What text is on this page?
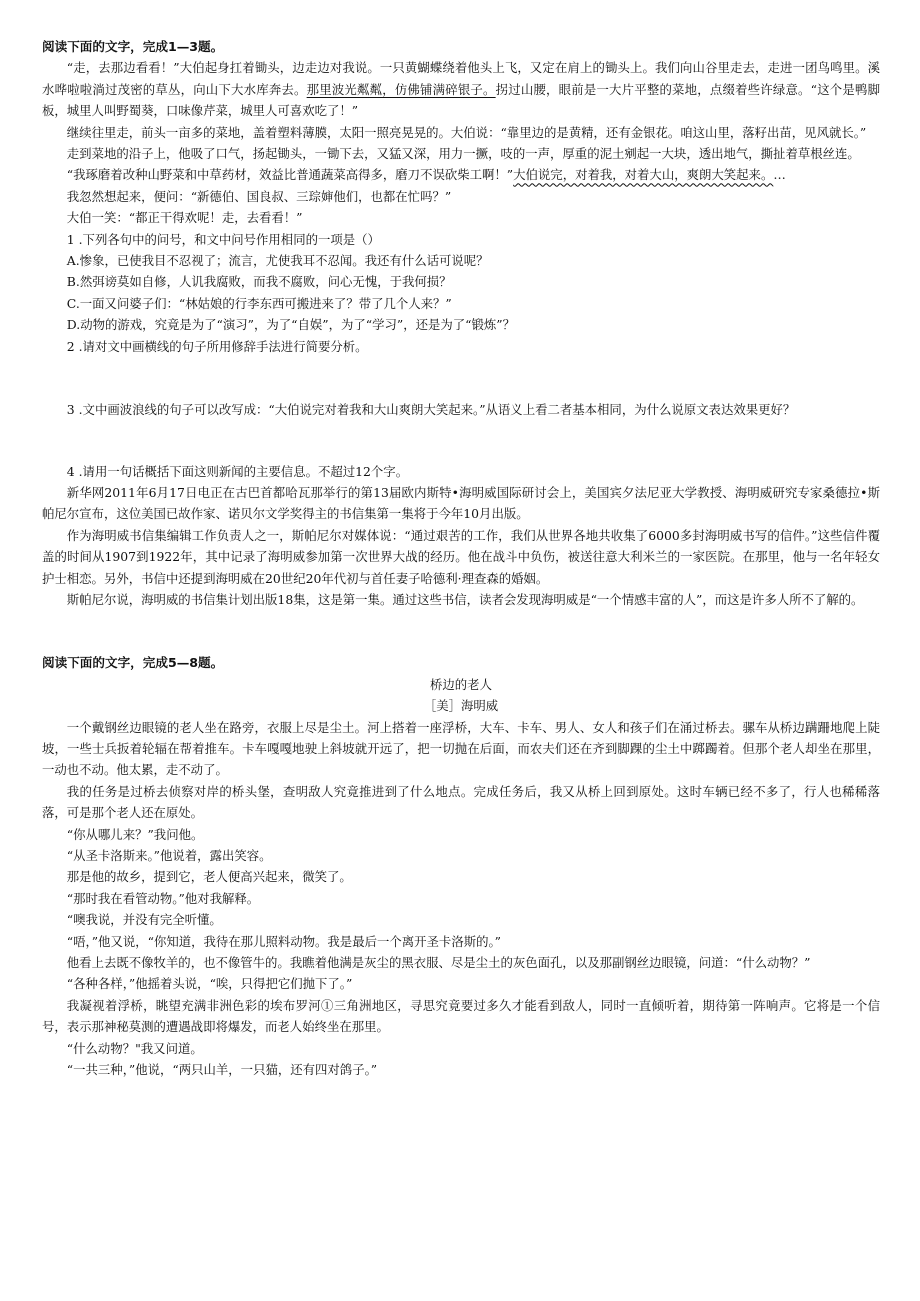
阅读下面的文字，完成1—3题。

“走，去那边看看！”大伯起身扛着锄头，边走边对我说。一只黄蝴蝶绕着他头上飞，又定在肩上的锄头上。我们向山谷里走去，走进一团鸟鸣里。溪水哗啦啦淌过茂密的草丛，向山下大水库奔去。那里波光粼粼，仿佛铺满碎银子。拐过山腰，眼前是一大片平整的菜地，点缀着些许绿意。“这个是鸭脚板，城里人叫野蜀葵，口味像芹菜，城里人可喜欢吃了！”

继续往里走，前头一亩多的菜地，盖着塑料薄膜，太阳一照亮晃晃的。大伯说：“靠里边的是黄精，还有金银花。咱这山里，落籽出苗，见风就长。”

走到菜地的沿子上，他吸了口气，扬起锄头，一锄下去，又猛又深，用力一撅，吱的一声，厚重的泥土剜起一大块，透出地气，撕扯着草根丝连。

“我琢磨着改种山野菜和中草药材，效益比普通蔬菜高得多，磨刀不误砍柴工啊！”大伯说完，对着我，对着大山，爽朗大笑起来。…

我忽然想起来，便问：“新德伯、国良叔、三琮婶他们，也都在忙吗？”

大伯一笑：“都正干得欢呢！走，去看看！”

1 .下列各句中的问号，和文中问号作用相同的一项是（）

A.惨象，已使我目不忍视了；流言，尤使我耳不忍闻。我还有什么话可说呢？

B.然弭谤莫如自修，人讥我腐败，而我不腐败，问心无愧，于我何损？

C.一面又问婆子们：“林姑娘的行李东西可搬进来了？带了几个人来？”

D.动物的游戏，究竟是为了“演习”，为了“自娱”，为了“学习”，还是为了“锻炼”？

2 .请对文中画横线的句子所用修辞手法进行简要分析。

3 .文中画波浪线的句子可以改写成：“大伯说完对着我和大山爽朗大笑起来。”从语义上看二者基本相同，为什么说原文表达效果更好？

4 .请用一句话概括下面这则新闻的主要信息。不超过12个字。

新华网2011年6月17日电正在古巴首都哈瓦那举行的第13届欧内斯特•海明威国际研讨会上，美国宾夕法尼亚大学教授、海明威研究专家桑德拉•斯帕尼尔宣布，这位美国已故作家、诺贝尔文学奖得主的书信集第一集将于今年10月出版。

作为海明威书信集编辑工作负责人之一，斯帕尼尔对媒体说：“通过艰苦的工作，我们从世界各地共收集了6000多封海明威书写的信件。”这些信件覆盖的时间从1907到1922年，其中记录了海明威参加第一次世界大战的经历。他在战斗中负伤，被送往意大利米兰的一家医院。在那里，他与一名年轻女护士相恋。另外，书信中还提到海明威在20世纪20年代初与首任妻子哈德利·理查森的婚姻。

斯帕尼尔说，海明威的书信集计划出版18集，这是第一集。通过这些书信，读者会发现海明威是“一个情感丰富的人”，而这是许多人所不了解的。

阅读下面的文字，完成5—8题。

桥边的老人

［美］海明威

一个戴钢丝边眼镜的老人坐在路旁，衣服上尽是尘土。河上搭着一座浮桥，大车、卡车、男人、女人和孩子们在涌过桥去。骡车从桥边蹒跚地爬上陡坡，一些士兵扳着轮辐在帮着推车。卡车嘎嘎地驶上斜坡就开远了，把一切抛在后面，而农夫们还在齐到脚踝的尘土中踯躅着。但那个老人却坐在那里，一动也不动。他太累，走不动了。

我的任务是过桥去侦察对岸的桥头堡，查明敌人究竟推进到了什么地点。完成任务后，我又从桥上回到原处。这时车辆已经不多了，行人也稀稀落落，可是那个老人还在原处。

“你从哪儿来？”我问他。

“从圣卡洛斯来。”他说着，露出笑容。

那是他的故乡，提到它，老人便高兴起来，微笑了。

“那时我在看管动物。”他对我解释。

“噢我说，并没有完全听懂。

“唔，”他又说，“你知道，我待在那儿照料动物。我是最后一个离开圣卡洛斯的。”

他看上去既不像牧羊的，也不像管牛的。我瞧着他满是灰尘的黑衣服、尽是尘土的灰色面孔，以及那副钢丝边眼镜，问道：“什么动物？”

“各种各样，”他摇着头说，“唉，只得把它们抛下了。”

我凝视着浮桥，眺望充满非洲色彩的埃布罗河①三角洲地区，寻思究竟要过多久才能看到敌人，同时一直倾听着，期待第一阵响声。它将是一个信号，表示那神秘莫测的遭遇战即将爆发，而老人始终坐在那里。

“什么动物？"我又问道。

“一共三种，”他说，“两只山羊，一只猫，还有四对鸽子。”
